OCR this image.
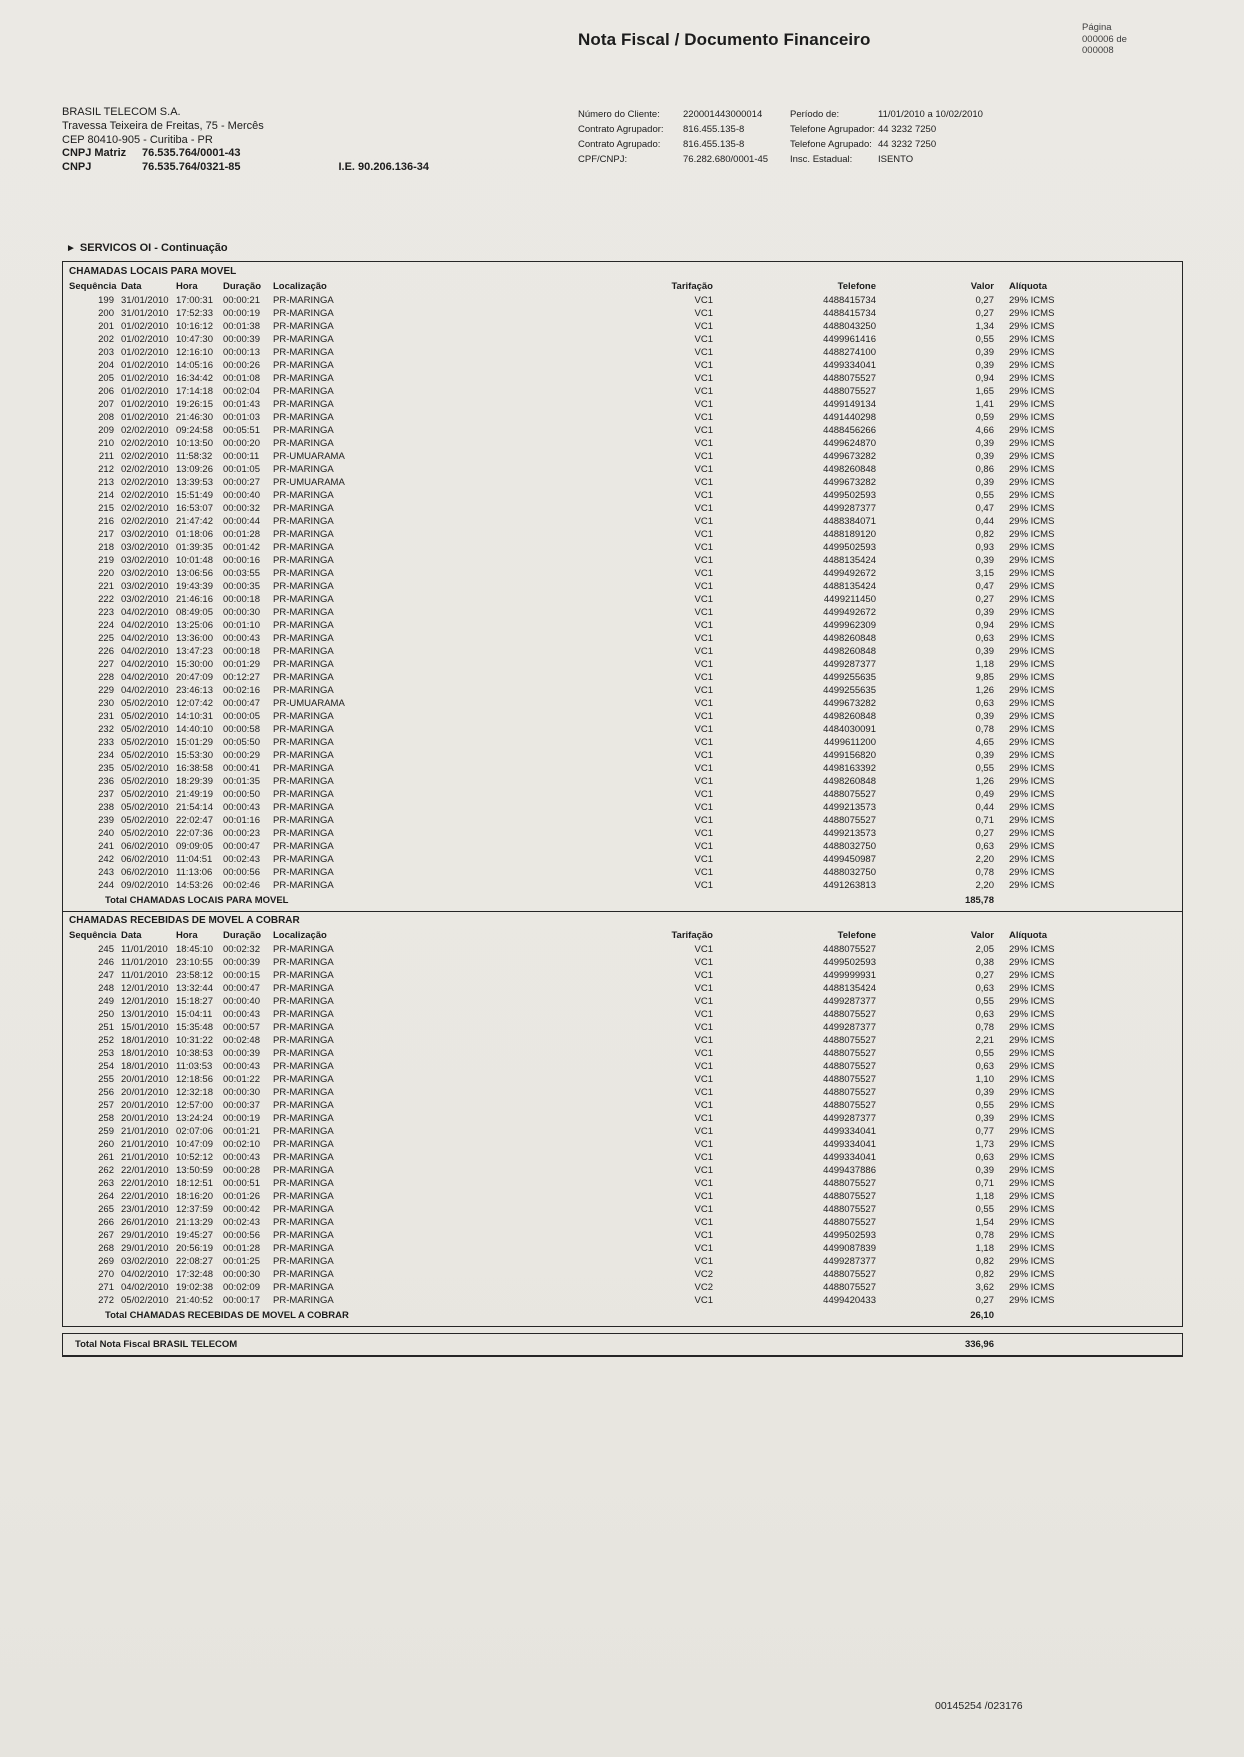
Nota Fiscal / Documento Financeiro
Página
000006 de
000008
BRASIL TELECOM S.A.
Travessa Teixeira de Freitas, 75 - Mercês
CEP 80410-905 - Curitiba - PR
CNPJ Matriz 76.535.764/0001-43
CNPJ	76.535.764/0321-85	I.E. 90.206.136-34
Número do Cliente:	220001443000014	Período de:	11/01/2010 a 10/02/2010
Contrato Agrupador:	816.455.135-8	Telefone Agrupador: 44 3232 7250
Contrato Agrupado:	816.455.135-8	Telefone Agrupado: 44 3232 7250
CPF/CNPJ:	76.282.680/0001-45	Insc. Estadual:	ISENTO
► SERVICOS OI - Continuação
CHAMADAS LOCAIS PARA MOVEL
Sequência Data	Hora	Duração	Localização	Tarifação	Telefone	Valor	Alíquota
199 31/01/2010 17:00:31	00:00:21	PR-MARINGA	VC1	4488415734	0,27	29% ICMS
200 31/01/2010 17:52:33	00:00:19	PR-MARINGA	VC1	4488415734	0,27	29% ICMS
201 01/02/2010 10:16:12	00:01:38	PR-MARINGA	VC1	4488043250	1,34	29% ICMS
202 01/02/2010 10:47:30	00:00:39	PR-MARINGA	VC1	4499961416	0,55	29% ICMS
203 01/02/2010 12:16:10	00:00:13	PR-MARINGA	VC1	4488274100	0,39	29% ICMS
204 01/02/2010 14:05:16	00:00:26	PR-MARINGA	VC1	4499334041	0,39	29% ICMS
205 01/02/2010 16:34:42	00:01:08	PR-MARINGA	VC1	4488075527	0,94	29% ICMS
206 01/02/2010 17:14:18	00:02:04	PR-MARINGA	VC1	4488075527	1,65	29% ICMS
207 01/02/2010 19:26:15	00:01:43	PR-MARINGA	VC1	4499149134	1,41	29% ICMS
208 01/02/2010 21:46:30	00:01:03	PR-MARINGA	VC1	4491440298	0,59	29% ICMS
209 02/02/2010 09:24:58	00:05:51	PR-MARINGA	VC1	4488456266	4,66	29% ICMS
210 02/02/2010 10:13:50	00:00:20	PR-MARINGA	VC1	4499624870	0,39	29% ICMS
211 02/02/2010 11:58:32	00:00:11	PR-UMUARAMA	VC1	4499673282	0,39	29% ICMS
212 02/02/2010 13:09:26	00:01:05	PR-MARINGA	VC1	4498260848	0,86	29% ICMS
213 02/02/2010 13:39:53	00:00:27	PR-UMUARAMA	VC1	4499673282	0,39	29% ICMS
214 02/02/2010 15:51:49	00:00:40	PR-MARINGA	VC1	4499502593	0,55	29% ICMS
215 02/02/2010 16:53:07	00:00:32	PR-MARINGA	VC1	4499287377	0,47	29% ICMS
216 02/02/2010 21:47:42	00:00:44	PR-MARINGA	VC1	4488384071	0,44	29% ICMS
217 03/02/2010 01:18:06	00:01:28	PR-MARINGA	VC1	4488189120	0,82	29% ICMS
218 03/02/2010 01:39:35	00:01:42	PR-MARINGA	VC1	4499502593	0,93	29% ICMS
219 03/02/2010 10:01:48	00:00:16	PR-MARINGA	VC1	4488135424	0,39	29% ICMS
220 03/02/2010 13:06:56	00:03:55	PR-MARINGA	VC1	4499492672	3,15	29% ICMS
221 03/02/2010 19:43:39	00:00:35	PR-MARINGA	VC1	4488135424	0,47	29% ICMS
222 03/02/2010 21:46:16	00:00:18	PR-MARINGA	VC1	4499211450	0,27	29% ICMS
223 04/02/2010 08:49:05	00:00:30	PR-MARINGA	VC1	4499492672	0,39	29% ICMS
224 04/02/2010 13:25:06	00:01:10	PR-MARINGA	VC1	4499962309	0,94	29% ICMS
225 04/02/2010 13:36:00	00:00:43	PR-MARINGA	VC1	4498260848	0,63	29% ICMS
226 04/02/2010 13:47:23	00:00:18	PR-MARINGA	VC1	4498260848	0,39	29% ICMS
227 04/02/2010 15:30:00	00:01:29	PR-MARINGA	VC1	4499287377	1,18	29% ICMS
228 04/02/2010 20:47:09	00:12:27	PR-MARINGA	VC1	4499255635	9,85	29% ICMS
229 04/02/2010 23:46:13	00:02:16	PR-MARINGA	VC1	4499255635	1,26	29% ICMS
230 05/02/2010 12:07:42	00:00:47	PR-UMUARAMA	VC1	4499673282	0,63	29% ICMS
231 05/02/2010 14:10:31	00:00:05	PR-MARINGA	VC1	4498260848	0,39	29% ICMS
232 05/02/2010 14:40:10	00:00:58	PR-MARINGA	VC1	4484030091	0,78	29% ICMS
233 05/02/2010 15:01:29	00:05:50	PR-MARINGA	VC1	4499611200	4,65	29% ICMS
234 05/02/2010 15:53:30	00:00:29	PR-MARINGA	VC1	4499156820	0,39	29% ICMS
235 05/02/2010 16:38:58	00:00:41	PR-MARINGA	VC1	4498163392	0,55	29% ICMS
236 05/02/2010 18:29:39	00:01:35	PR-MARINGA	VC1	4498260848	1,26	29% ICMS
237 05/02/2010 21:49:19	00:00:50	PR-MARINGA	VC1	4488075527	0,49	29% ICMS
238 05/02/2010 21:54:14	00:00:43	PR-MARINGA	VC1	4499213573	0,44	29% ICMS
239 05/02/2010 22:02:47	00:01:16	PR-MARINGA	VC1	4488075527	0,71	29% ICMS
240 05/02/2010 22:07:36	00:00:23	PR-MARINGA	VC1	4499213573	0,27	29% ICMS
241 06/02/2010 09:09:05	00:00:47	PR-MARINGA	VC1	4488032750	0,63	29% ICMS
242 06/02/2010 11:04:51	00:02:43	PR-MARINGA	VC1	4499450987	2,20	29% ICMS
243 06/02/2010 11:13:06	00:00:56	PR-MARINGA	VC1	4488032750	0,78	29% ICMS
244 09/02/2010 14:53:26	00:02:46	PR-MARINGA	VC1	4491263813	2,20	29% ICMS
Total CHAMADAS LOCAIS PARA MOVEL	185,78
CHAMADAS RECEBIDAS DE MOVEL A COBRAR
Sequência Data	Hora	Duração	Localização	Tarifação	Telefone	Valor	Alíquota
245 11/01/2010 18:45:10	00:02:32	PR-MARINGA	VC1	4488075527	2,05	29% ICMS
246 11/01/2010 23:10:55	00:00:39	PR-MARINGA	VC1	4499502593	0,38	29% ICMS
247 11/01/2010 23:58:12	00:00:15	PR-MARINGA	VC1	4499999931	0,27	29% ICMS
248 12/01/2010 13:32:44	00:00:47	PR-MARINGA	VC1	4488135424	0,63	29% ICMS
249 12/01/2010 15:18:27	00:00:40	PR-MARINGA	VC1	4499287377	0,55	29% ICMS
250 13/01/2010 15:04:11	00:00:43	PR-MARINGA	VC1	4488075527	0,63	29% ICMS
251 15/01/2010 15:35:48	00:00:57	PR-MARINGA	VC1	4499287377	0,78	29% ICMS
252 18/01/2010 10:31:22	00:02:48	PR-MARINGA	VC1	4488075527	2,21	29% ICMS
253 18/01/2010 10:38:53	00:00:39	PR-MARINGA	VC1	4488075527	0,55	29% ICMS
254 18/01/2010 11:03:53	00:00:43	PR-MARINGA	VC1	4488075527	0,63	29% ICMS
255 20/01/2010 12:18:56	00:01:22	PR-MARINGA	VC1	4488075527	1,10	29% ICMS
256 20/01/2010 12:32:18	00:00:30	PR-MARINGA	VC1	4488075527	0,39	29% ICMS
257 20/01/2010 12:57:00	00:00:37	PR-MARINGA	VC1	4488075527	0,55	29% ICMS
258 20/01/2010 13:24:24	00:00:19	PR-MARINGA	VC1	4499287377	0,39	29% ICMS
259 21/01/2010 02:07:06	00:01:21	PR-MARINGA	VC1	4499334041	0,77	29% ICMS
260 21/01/2010 10:47:09	00:02:10	PR-MARINGA	VC1	4499334041	1,73	29% ICMS
261 21/01/2010 10:52:12	00:00:43	PR-MARINGA	VC1	4499334041	0,63	29% ICMS
262 22/01/2010 13:50:59	00:00:28	PR-MARINGA	VC1	4499437886	0,39	29% ICMS
263 22/01/2010 18:12:51	00:00:51	PR-MARINGA	VC1	4488075527	0,71	29% ICMS
264 22/01/2010 18:16:20	00:01:26	PR-MARINGA	VC1	4488075527	1,18	29% ICMS
265 23/01/2010 12:37:59	00:00:42	PR-MARINGA	VC1	4488075527	0,55	29% ICMS
266 26/01/2010 21:13:29	00:02:43	PR-MARINGA	VC1	4488075527	1,54	29% ICMS
267 29/01/2010 19:45:27	00:00:56	PR-MARINGA	VC1	4499502593	0,78	29% ICMS
268 29/01/2010 20:56:19	00:01:28	PR-MARINGA	VC1	4499087839	1,18	29% ICMS
269 03/02/2010 22:08:27	00:01:25	PR-MARINGA	VC1	4499287377	0,82	29% ICMS
270 04/02/2010 17:32:48	00:00:30	PR-MARINGA	VC2	4488075527	0,82	29% ICMS
271 04/02/2010 19:02:38	00:02:09	PR-MARINGA	VC2	4488075527	3,62	29% ICMS
272 05/02/2010 21:40:52	00:00:17	PR-MARINGA	VC1	4499420433	0,27	29% ICMS
Total CHAMADAS RECEBIDAS DE MOVEL A COBRAR	26,10
Total Nota Fiscal BRASIL TELECOM	336,96
00145254 /023176
